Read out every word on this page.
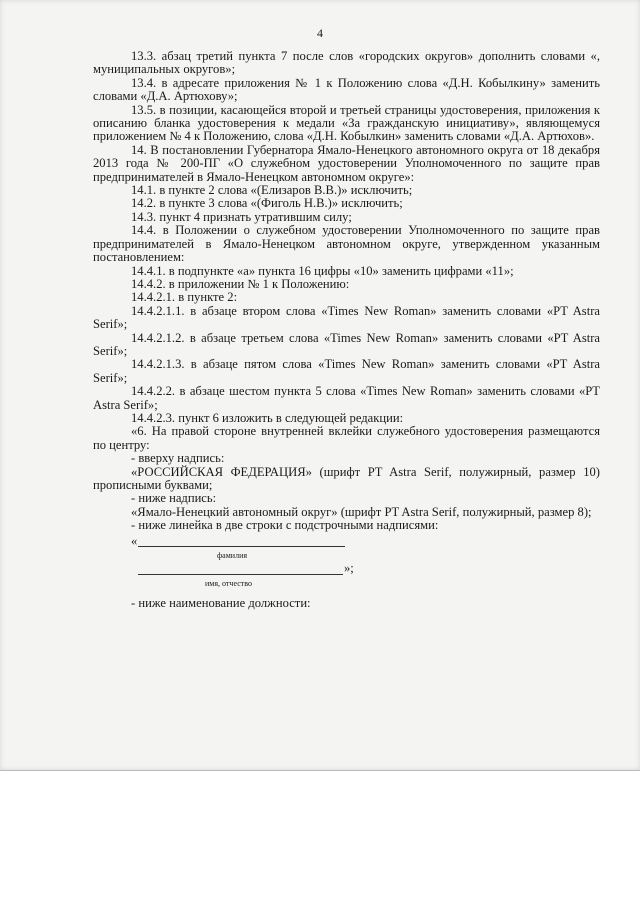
4

13.3. абзац третий пункта 7 после слов «городских округов» дополнить словами «, муниципальных округов»;

13.4. в адресате приложения № 1 к Положению слова «Д.Н. Кобылкину» заменить словами «Д.А. Артюхову»;

13.5. в позиции, касающейся второй и третьей страницы удостоверения, приложения к описанию бланка удостоверения к медали «За гражданскую инициативу», являющемуся приложением № 4 к Положению, слова «Д.Н. Кобылкин» заменить словами «Д.А. Артюхов».

14. В постановлении Губернатора Ямало-Ненецкого автономного округа от 18 декабря 2013 года № 200-ПГ «О служебном удостоверении Уполномоченного по защите прав предпринимателей в Ямало-Ненецком автономном округе»:

14.1. в пункте 2 слова «(Елизаров В.В.)» исключить;

14.2. в пункте 3 слова «(Фиголь Н.В.)» исключить;

14.3. пункт 4 признать утратившим силу;

14.4. в Положении о служебном удостоверении Уполномоченного по защите прав предпринимателей в Ямало-Ненецком автономном округе, утвержденном указанным постановлением:

14.4.1. в подпункте «а» пункта 16 цифры «10» заменить цифрами «11»;

14.4.2. в приложении № 1 к Положению:

14.4.2.1. в пункте 2:

14.4.2.1.1. в абзаце втором слова «Times New Roman» заменить словами «PT Astra Serif»;

14.4.2.1.2. в абзаце третьем слова «Times New Roman» заменить словами «PT Astra Serif»;

14.4.2.1.3. в абзаце пятом слова «Times New Roman» заменить словами «PT Astra Serif»;

14.4.2.2. в абзаце шестом пункта 5 слова «Times New Roman» заменить словами «PT Astra Serif»;

14.4.2.3. пункт 6 изложить в следующей редакции:

«6. На правой стороне внутренней вклейки служебного удостоверения размещаются по центру:

- вверху надпись:

«РОССИЙСКАЯ ФЕДЕРАЦИЯ» (шрифт PT Astra Serif, полужирный, размер 10) прописными буквами;

- ниже надпись:

«Ямало-Ненецкий автономный округ» (шрифт PT Astra Serif, полужирный, размер 8);

- ниже линейка в две строки с подстрочными надписями:

«
фамилия
»;
имя, отчество

- ниже наименование должности:
